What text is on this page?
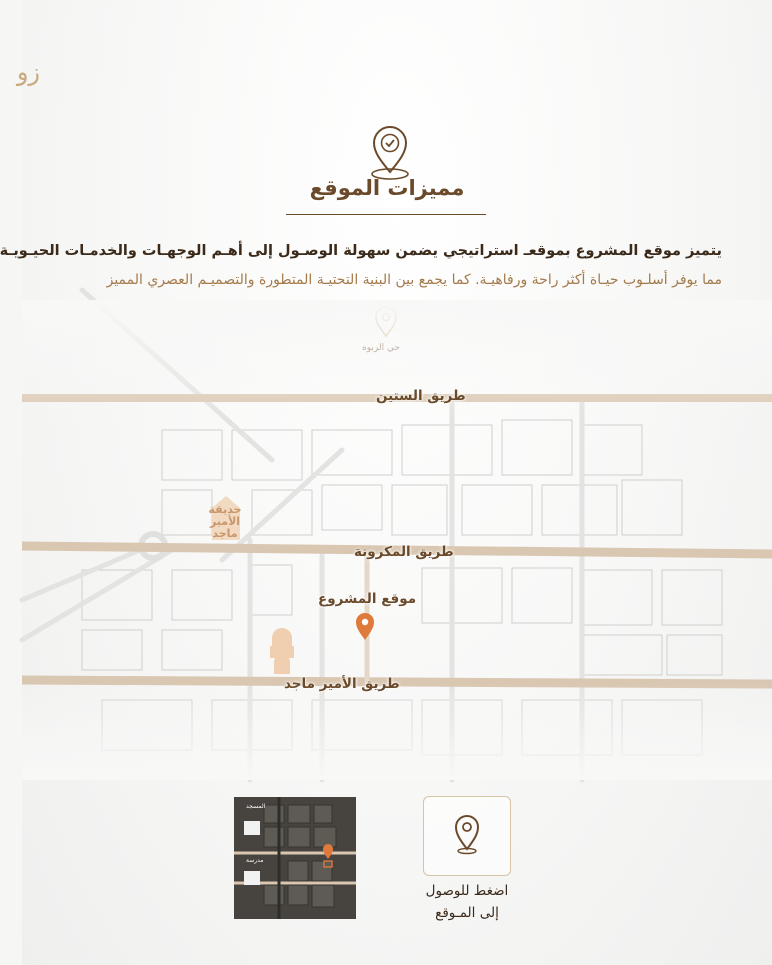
زو
مميزات الموقع
يتميز موقع المشروع بموقعـ استراتيجي يضمن سهولة الوصـول إلى أهـم الوجهـات والخدمـات الحيـويـة
مما يوفر أسلـوب حيـاة أكثر راحة ورفاهيـة. كما يجمع بين البنية التحتيـة المتطورة والتصميـم العصري المميز
طريق الستين
طريق المكرونة
موقع المشروع
طريق الأمير ماجد
حديقة الأمير ماجد
المسجد
مدرسة
اضغط للوصول
إلى المـوقع
